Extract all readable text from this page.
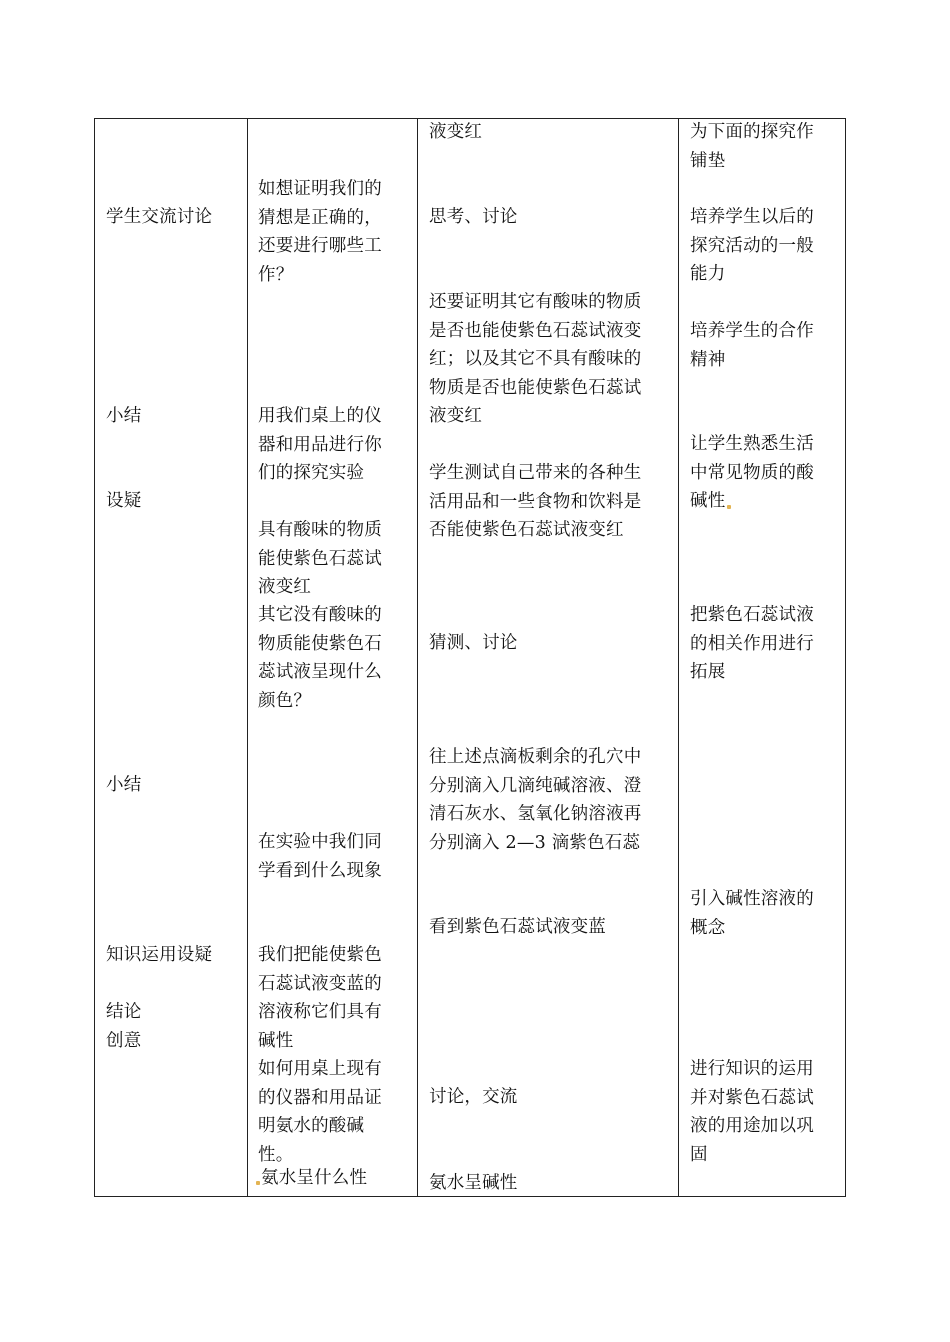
学生交流讨论
小结
设疑
小结
知识运用设疑
结论
创意
如想证明我们的
猜想是正确的，
还要进行哪些工
作？
用我们桌上的仪
器和用品进行你
们的探究实验
具有酸味的物质
能使紫色石蕊试
液变红
其它没有酸味的
物质能使紫色石
蕊试液呈现什么
颜色？
在实验中我们同
学看到什么现象
我们把能使紫色
石蕊试液变蓝的
溶液称它们具有
碱性
如何用桌上现有
的仪器和用品证
明氨水的酸碱
性。
氨水呈什么性
液变红
思考、讨论
还要证明其它有酸味的物质
是否也能使紫色石蕊试液变
红；以及其它不具有酸味的
物质是否也能使紫色石蕊试
液变红
学生测试自己带来的各种生
活用品和一些食物和饮料是
否能使紫色石蕊试液变红
猜测、讨论
往上述点滴板剩余的孔穴中
分别滴入几滴纯碱溶液、澄
清石灰水、氢氧化钠溶液再
分别滴入 2—3 滴紫色石蕊
看到紫色石蕊试液变蓝
讨论，交流
氨水呈碱性
为下面的探究作
铺垫
培养学生以后的
探究活动的一般
能力
培养学生的合作
精神
让学生熟悉生活
中常见物质的酸
碱性
把紫色石蕊试液
的相关作用进行
拓展
引入碱性溶液的
概念
进行知识的运用
并对紫色石蕊试
液的用途加以巩
固
